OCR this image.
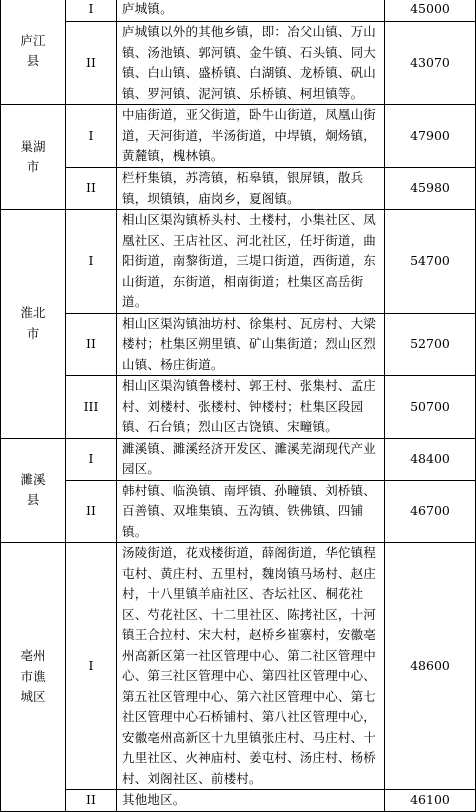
庐江县	I	庐城镇。	45000
	II	庐城镇以外的其他乡镇，即：冶父山镇、万山镇、汤池镇、郭河镇、金牛镇、石头镇、同大镇、白山镇、盛桥镇、白湖镇、龙桥镇、矾山镇、罗河镇、泥河镇、乐桥镇、柯坦镇等。	43070
巢湖市	I	中庙街道，亚父街道，卧牛山街道，凤凰山街道，天河街道，半汤街道，中垾镇，炯炀镇，黄麓镇，槐林镇。	47900
	II	栏杆集镇，苏湾镇，柘皋镇，银屏镇，散兵镇，坝镇镇，庙岗乡，夏阁镇。	45980
淮北市	I	相山区渠沟镇桥头村、土楼村，小集社区、凤凰社区、王店社区、河北社区，任圩街道，曲阳街道，南黎街道，三堤口街道，西街道，东山街道，东街道，相南街道；杜集区高岳街道。	54700
	II	相山区渠沟镇油坊村、徐集村、瓦房村、大梁楼村；杜集区朔里镇、矿山集街道；烈山区烈山镇、杨庄街道。	52700
	III	相山区渠沟镇鲁楼村、郭王村、张集村、孟庄村、刘楼村、张楼村、钟楼村；杜集区段园镇、石台镇；烈山区古饶镇、宋疃镇。	50700
濉溪县	I	濉溪镇、濉溪经济开发区、濉溪芜湖现代产业园区。	48400
	II	韩村镇、临涣镇、南坪镇、孙疃镇、刘桥镇、百善镇、双堆集镇、五沟镇、铁佛镇、四铺镇。	46700
亳州市谯城区	I	汤陵街道，花戏楼街道，薛阁街道，华佗镇程屯村、黄庄村、五里村，魏岗镇马场村、赵庄村，十八里镇羊庙社区、杏坛社区、桐花社区、芍花社区、十二里社区、陈拷社区，十河镇王合拉村、宋大村，赵桥乡崔寨村，安徽亳州高新区第一社区管理中心、第二社区管理中心、第三社区管理中心、第四社区管理中心、第五社区管理中心、第六社区管理中心、第七社区管理中心石桥铺村、第八社区管理中心，安徽亳州高新区十九里镇张庄村、马庄村、十九里社区、火神庙村、姜屯村、汤庄村、杨桥村、刘阁社区、前楼村。	48600
	II	其他地区。	46100
